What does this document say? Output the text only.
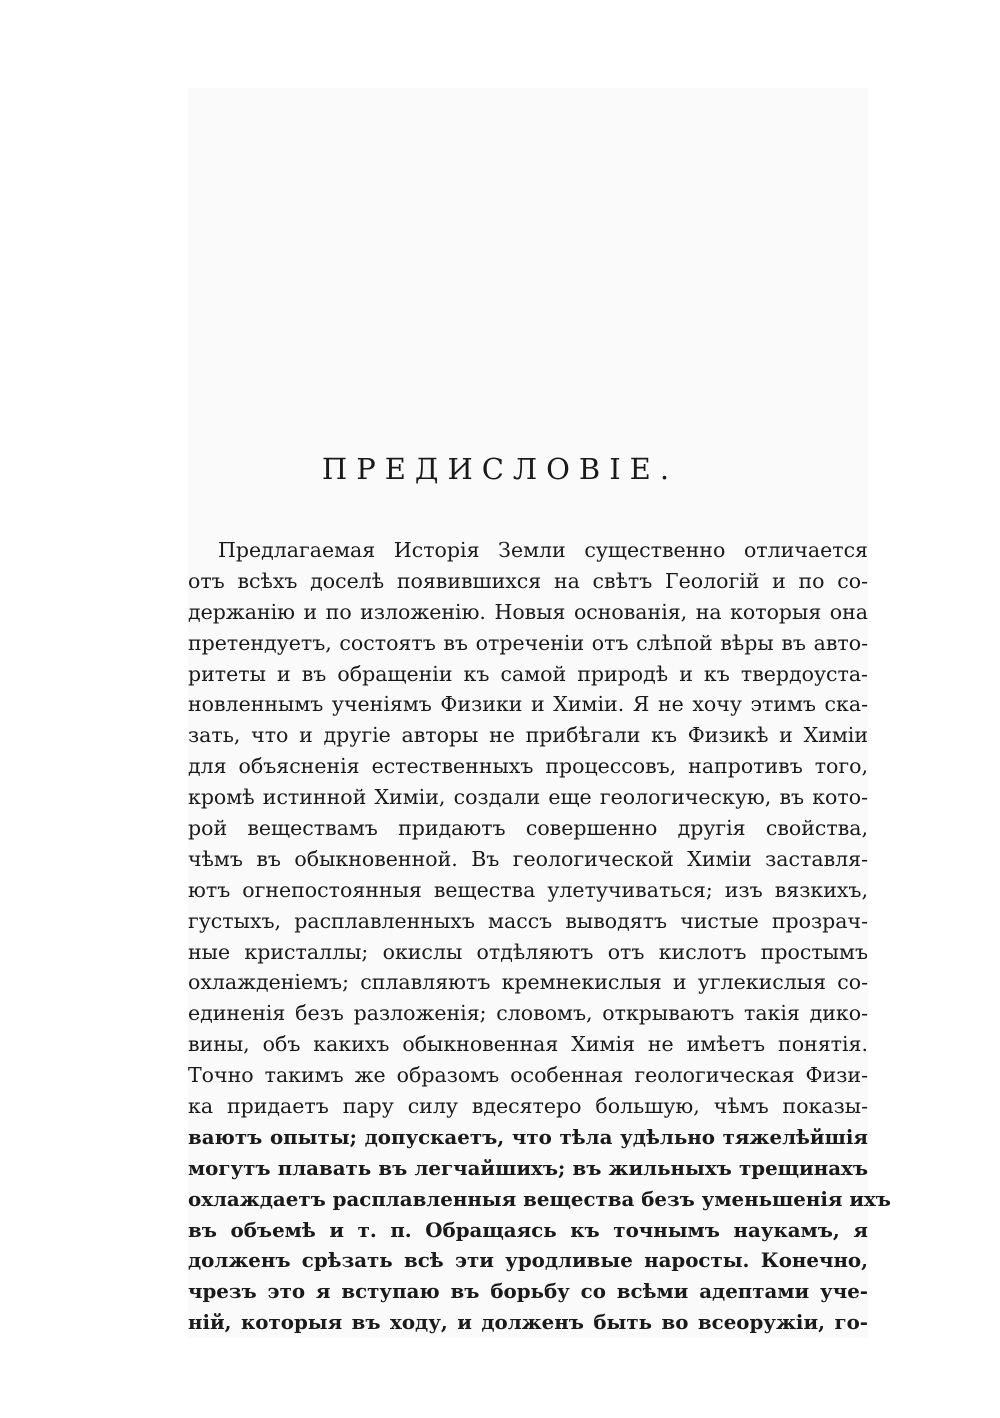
ПРЕДИСЛОВІЕ.
Предлагаемая Исторія Земли существенно отличается
отъ всѣхъ доселѣ появившихся на свѣтъ Геологій и по со-
держанію и по изложенію. Новыя основанія, на которыя она
претендуетъ, состоятъ въ отреченіи отъ слѣпой вѣры въ авто-
ритеты и въ обращеніи къ самой природѣ и къ твердоуста-
новленнымъ ученіямъ Физики и Химіи. Я не хочу этимъ ска-
зать, что и другіе авторы не прибѣгали къ Физикѣ и Химіи
для объясненія естественныхъ процессовъ, напротивъ того,
кромѣ истинной Химіи, создали еще геологическую, въ кото-
рой веществамъ придаютъ совершенно другія свойства,
чѣмъ въ обыкновенной. Въ геологической Химіи заставля-
ютъ огнепостоянныя вещества улетучиваться; изъ вязкихъ,
густыхъ, расплавленныхъ массъ выводятъ чистые прозрач-
ные кристаллы; окислы отдѣляютъ отъ кислотъ простымъ
охлажденіемъ; сплавляютъ кремнекислыя и углекислыя со-
единенія безъ разложенія; словомъ, открываютъ такія дико-
вины, объ какихъ обыкновенная Химія не имѣетъ понятія.
Точно такимъ же образомъ особенная геологическая Физи-
ка придаетъ пару силу вдесятеро большую, чѣмъ показы-
ваютъ опыты; допускаетъ, что тѣла удѣльно тяжелѣйшія
могутъ плавать въ легчайшихъ; въ жильныхъ трещинахъ
охлаждаетъ расплавленныя вещества безъ уменьшенія ихъ
въ объемѣ и т. п. Обращаясь къ точнымъ наукамъ, я
долженъ срѣзать всѣ эти уродливые наросты. Конечно,
чрезъ это я вступаю въ борьбу со всѣми адептами уче-
ній, которыя въ ходу, и долженъ быть во всеоружіи, го-
